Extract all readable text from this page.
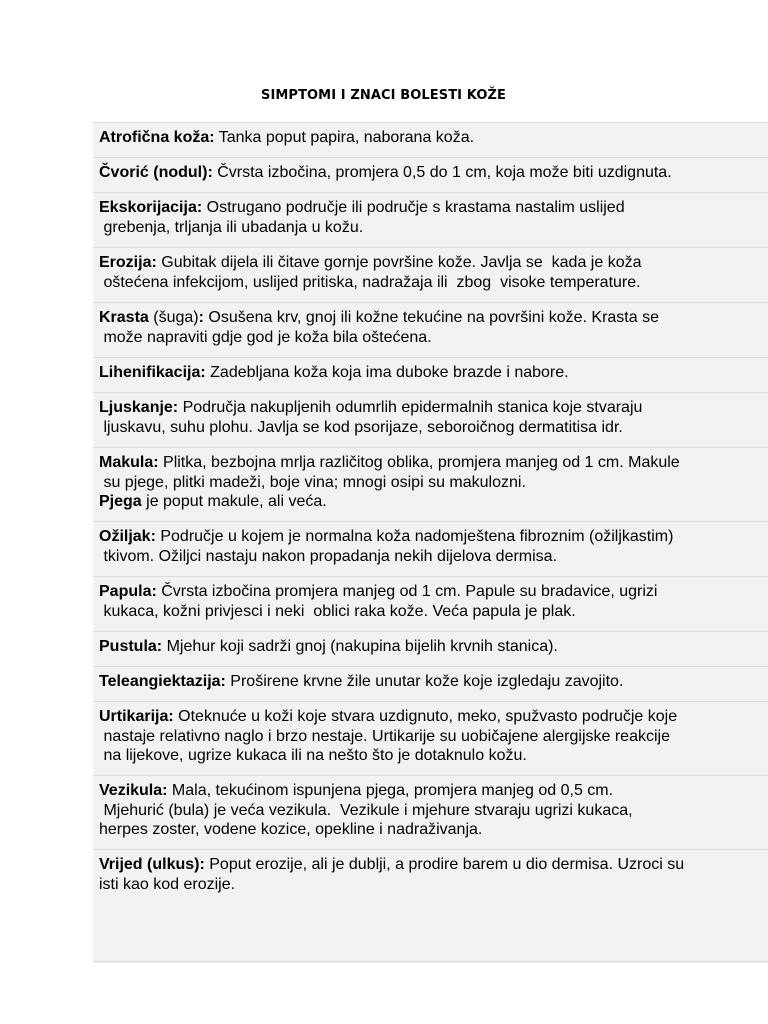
SIMPTOMI I ZNACI BOLESTI KOŽE
Atrofična koža: Tanka poput papira, naborana koža.
Čvorić (nodul): Čvrsta izbočina, promjera 0,5 do 1 cm, koja može biti uzdignuta.
Ekskorijacija: Ostrugano područje ili područje s krastama nastalim uslijed
grebenja, trljanja ili ubadanja u kožu.
Erozija: Gubitak dijela ili čitave gornje površine kože. Javlja se  kada je koža
oštećena infekcijom, uslijed pritiska, nadražaja ili  zbog  visoke temperature.
Krasta (šuga): Osušena krv, gnoj ili kožne tekućine na površini kože. Krasta se
može napraviti gdje god je koža bila oštećena.
Lihenifikacija: Zadebljana koža koja ima duboke brazde i nabore.
Ljuskanje: Područja nakupljenih odumrlih epidermalnih stanica koje stvaraju
ljuskavu, suhu plohu. Javlja se kod psorijaze, seboroičnog dermatitisa idr.
Makula: Plitka, bezbojna mrlja različitog oblika, promjera manjeg od 1 cm. Makule
su pjege, plitki madeži, boje vina; mnogi osipi su makulozni.
Pjega je poput makule, ali veća.
Ožiljak: Područje u kojem je normalna koža nadomještena fibroznim (ožiljkastim)
tkivom. Ožiljci nastaju nakon propadanja nekih dijelova dermisa.
Papula: Čvrsta izbočina promjera manjeg od 1 cm. Papule su bradavice, ugrizi
kukaca, kožni privjesci i neki  oblici raka kože. Veća papula je plak.
Pustula: Mjehur koji sadrži gnoj (nakupina bijelih krvnih stanica).
Teleangiektazija: Proširene krvne žile unutar kože koje izgledaju zavojito.
Urtikarija: Oteknuće u koži koje stvara uzdignuto, meko, spužvasto područje koje
nastaje relativno naglo i brzo nestaje. Urtikarije su uobičajene alergijske reakcije
na lijekove, ugrize kukaca ili na nešto što je dotaknulo kožu.
Vezikula: Mala, tekućinom ispunjena pjega, promjera manjeg od 0,5 cm.
Mjehurić (bula) je veća vezikula.  Vezikule i mjehure stvaraju ugrizi kukaca,
herpes zoster, vodene kozice, opekline i nadraživanja.
Vrijed (ulkus): Poput erozije, ali je dublji, a prodire barem u dio dermisa. Uzroci su
isti kao kod erozije.
